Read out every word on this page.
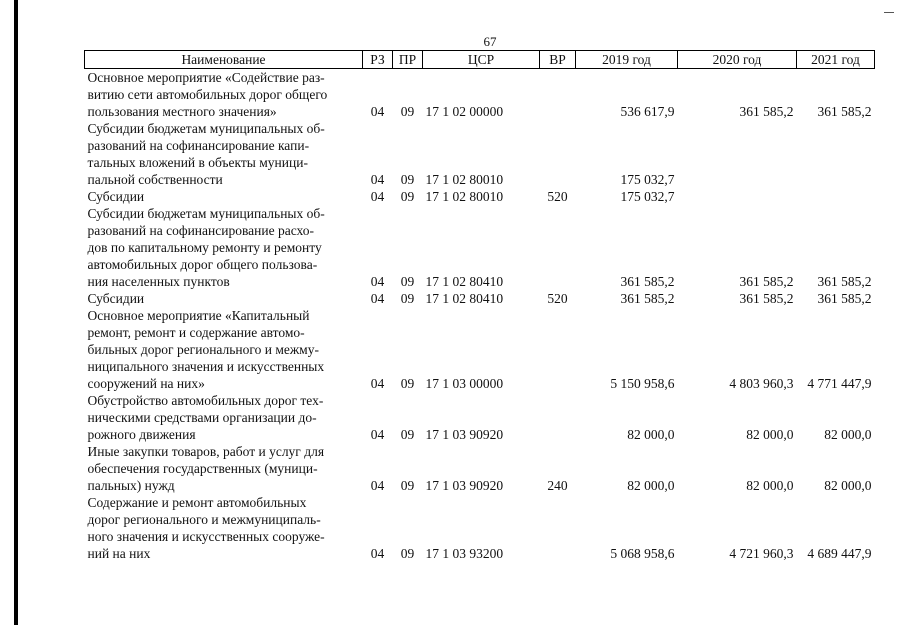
67
Наименование	РЗ	ПР	ЦСР	ВР	2019 год	2020 год	2021 год
Основное мероприятие «Содействие раз-
витию сети автомобильных дорог общего
пользования местного значения»	04	09	17 1 02 00000		536 617,9	361 585,2	361 585,2
Субсидии бюджетам муниципальных об-
разований на софинансирование капи-
тальных вложений в объекты муници-
пальной собственности	04	09	17 1 02 80010		175 032,7		
Субсидии	04	09	17 1 02 80010	520	175 032,7		
Субсидии бюджетам муниципальных об-
разований на софинансирование расхо-
дов по капитальному ремонту и ремонту
автомобильных дорог общего пользова-
ния населенных пунктов	04	09	17 1 02 80410		361 585,2	361 585,2	361 585,2
Субсидии	04	09	17 1 02 80410	520	361 585,2	361 585,2	361 585,2
Основное мероприятие «Капитальный
ремонт, ремонт и содержание автомо-
бильных дорог регионального и межму-
ниципального значения и искусственных
сооружений на них»	04	09	17 1 03 00000		5 150 958,6	4 803 960,3	4 771 447,9
Обустройство автомобильных дорог тех-
ническими средствами организации до-
рожного движения	04	09	17 1 03 90920		82 000,0	82 000,0	82 000,0
Иные закупки товаров, работ и услуг для
обеспечения государственных (муници-
пальных) нужд	04	09	17 1 03 90920	240	82 000,0	82 000,0	82 000,0
Содержание и ремонт автомобильных
дорог регионального и межмуниципаль-
ного значения и искусственных сооруже-
ний на них	04	09	17 1 03 93200		5 068 958,6	4 721 960,3	4 689 447,9
